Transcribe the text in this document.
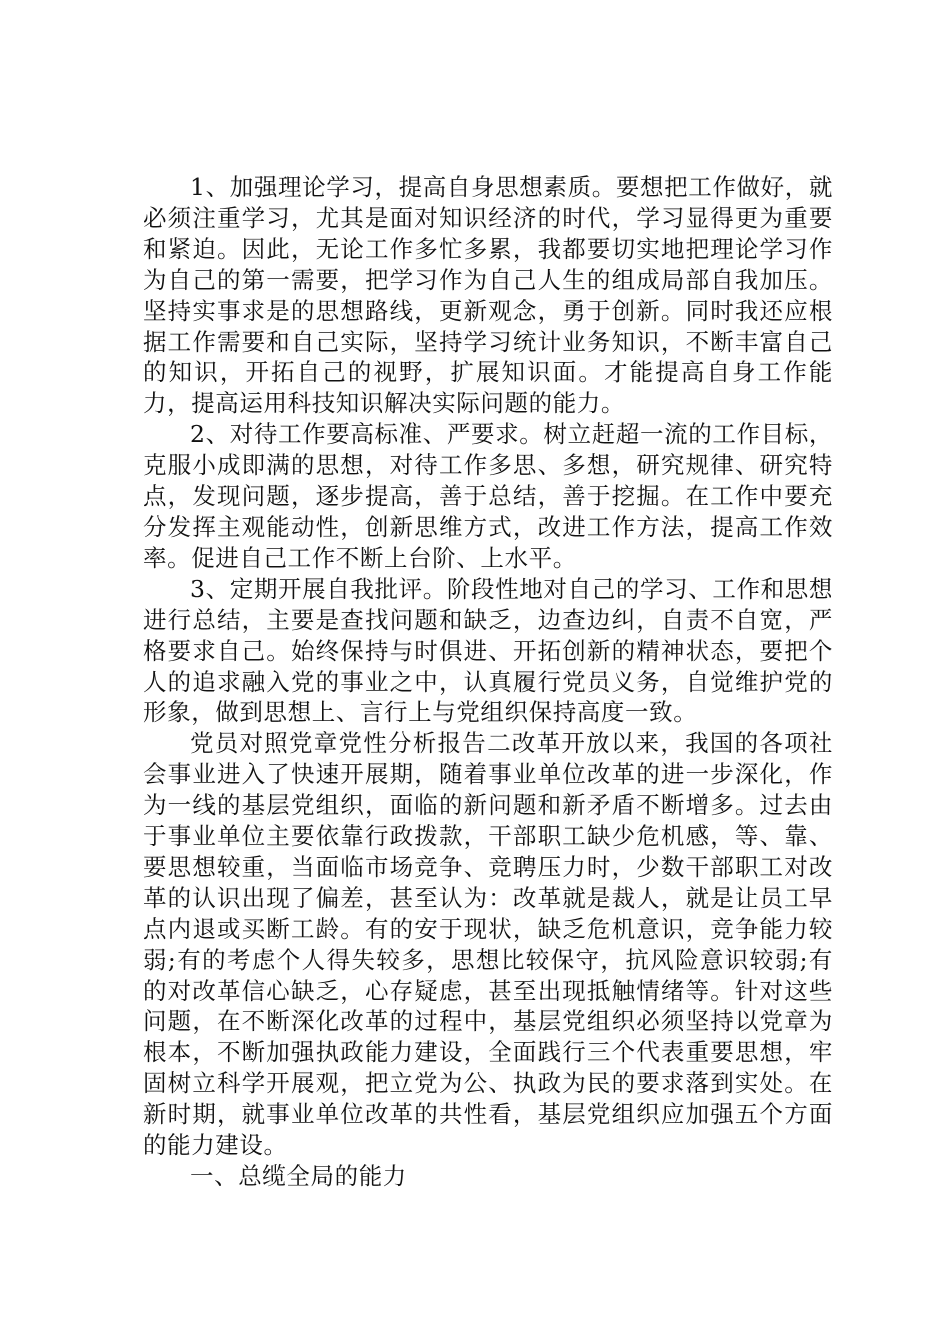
1、加强理论学习，提高自身思想素质。要想把工作做好，就必须注重学习，尤其是面对知识经济的时代，学习显得更为重要和紧迫。因此，无论工作多忙多累，我都要切实地把理论学习作为自己的第一需要，把学习作为自己人生的组成局部自我加压。坚持实事求是的思想路线，更新观念，勇于创新。同时我还应根据工作需要和自己实际，坚持学习统计业务知识，不断丰富自己的知识，开拓自己的视野，扩展知识面。才能提高自身工作能力，提高运用科技知识解决实际问题的能力。

2、对待工作要高标准、严要求。树立赶超一流的工作目标，克服小成即满的思想，对待工作多思、多想，研究规律、研究特点，发现问题，逐步提高，善于总结，善于挖掘。在工作中要充分发挥主观能动性，创新思维方式，改进工作方法，提高工作效率。促进自己工作不断上台阶、上水平。

3、定期开展自我批评。阶段性地对自己的学习、工作和思想进行总结，主要是查找问题和缺乏，边查边纠，自责不自宽，严格要求自己。始终保持与时俱进、开拓创新的精神状态，要把个人的追求融入党的事业之中，认真履行党员义务，自觉维护党的形象，做到思想上、言行上与党组织保持高度一致。

党员对照党章党性分析报告二改革开放以来，我国的各项社会事业进入了快速开展期，随着事业单位改革的进一步深化，作为一线的基层党组织，面临的新问题和新矛盾不断增多。过去由于事业单位主要依靠行政拨款，干部职工缺少危机感，等、靠、要思想较重，当面临市场竞争、竞聘压力时，少数干部职工对改革的认识出现了偏差，甚至认为：改革就是裁人，就是让员工早点内退或买断工龄。有的安于现状，缺乏危机意识，竞争能力较弱;有的考虑个人得失较多，思想比较保守，抗风险意识较弱;有的对改革信心缺乏，心存疑虑，甚至出现抵触情绪等。针对这些问题，在不断深化改革的过程中，基层党组织必须坚持以党章为根本，不断加强执政能力建设，全面践行三个代表重要思想，牢固树立科学开展观，把立党为公、执政为民的要求落到实处。在新时期，就事业单位改革的共性看，基层党组织应加强五个方面的能力建设。

一、总缆全局的能力
